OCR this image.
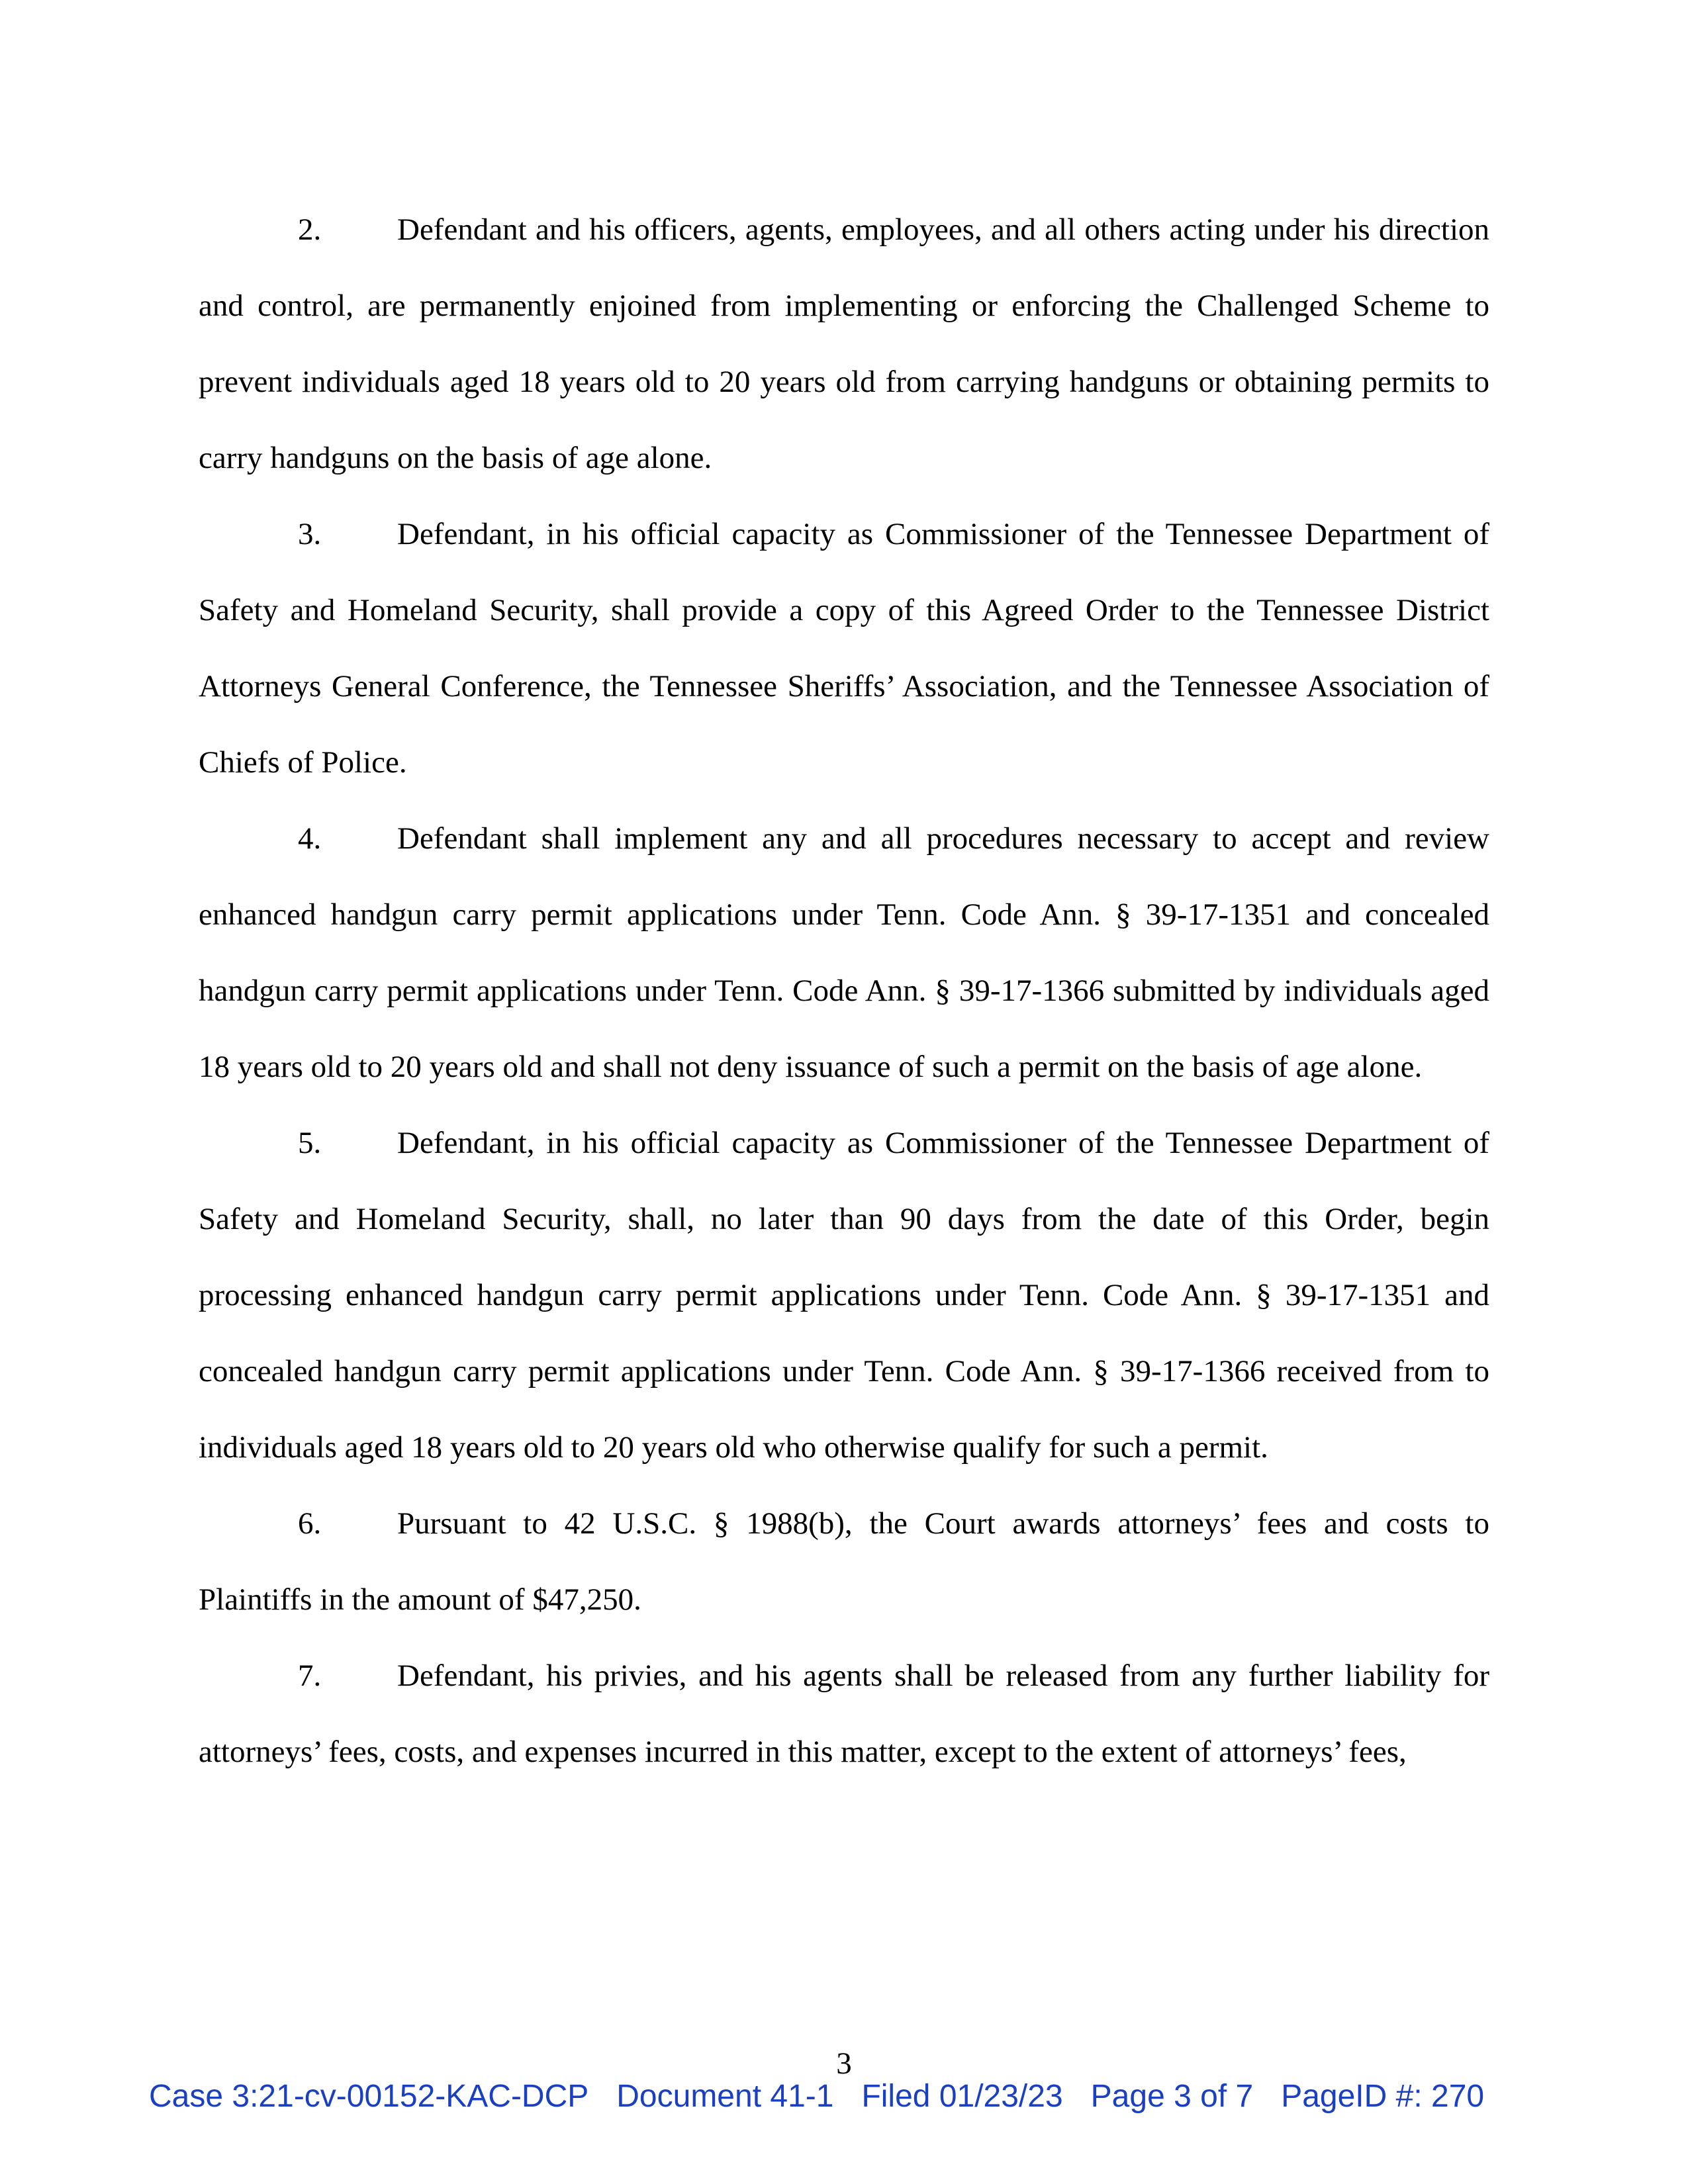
2. Defendant and his officers, agents, employees, and all others acting under his direction and control, are permanently enjoined from implementing or enforcing the Challenged Scheme to prevent individuals aged 18 years old to 20 years old from carrying handguns or obtaining permits to carry handguns on the basis of age alone.

3. Defendant, in his official capacity as Commissioner of the Tennessee Department of Safety and Homeland Security, shall provide a copy of this Agreed Order to the Tennessee District Attorneys General Conference, the Tennessee Sheriffs’ Association, and the Tennessee Association of Chiefs of Police.

4. Defendant shall implement any and all procedures necessary to accept and review enhanced handgun carry permit applications under Tenn. Code Ann. § 39-17-1351 and concealed handgun carry permit applications under Tenn. Code Ann. § 39-17-1366 submitted by individuals aged 18 years old to 20 years old and shall not deny issuance of such a permit on the basis of age alone.

5. Defendant, in his official capacity as Commissioner of the Tennessee Department of Safety and Homeland Security, shall, no later than 90 days from the date of this Order, begin processing enhanced handgun carry permit applications under Tenn. Code Ann. § 39-17-1351 and concealed handgun carry permit applications under Tenn. Code Ann. § 39-17-1366 received from to individuals aged 18 years old to 20 years old who otherwise qualify for such a permit.

6. Pursuant to 42 U.S.C. § 1988(b), the Court awards attorneys’ fees and costs to Plaintiffs in the amount of $47,250.

7. Defendant, his privies, and his agents shall be released from any further liability for attorneys’ fees, costs, and expenses incurred in this matter, except to the extent of attorneys’ fees,

3
Case 3:21-cv-00152-KAC-DCP Document 41-1 Filed 01/23/23 Page 3 of 7 PageID #: 270
